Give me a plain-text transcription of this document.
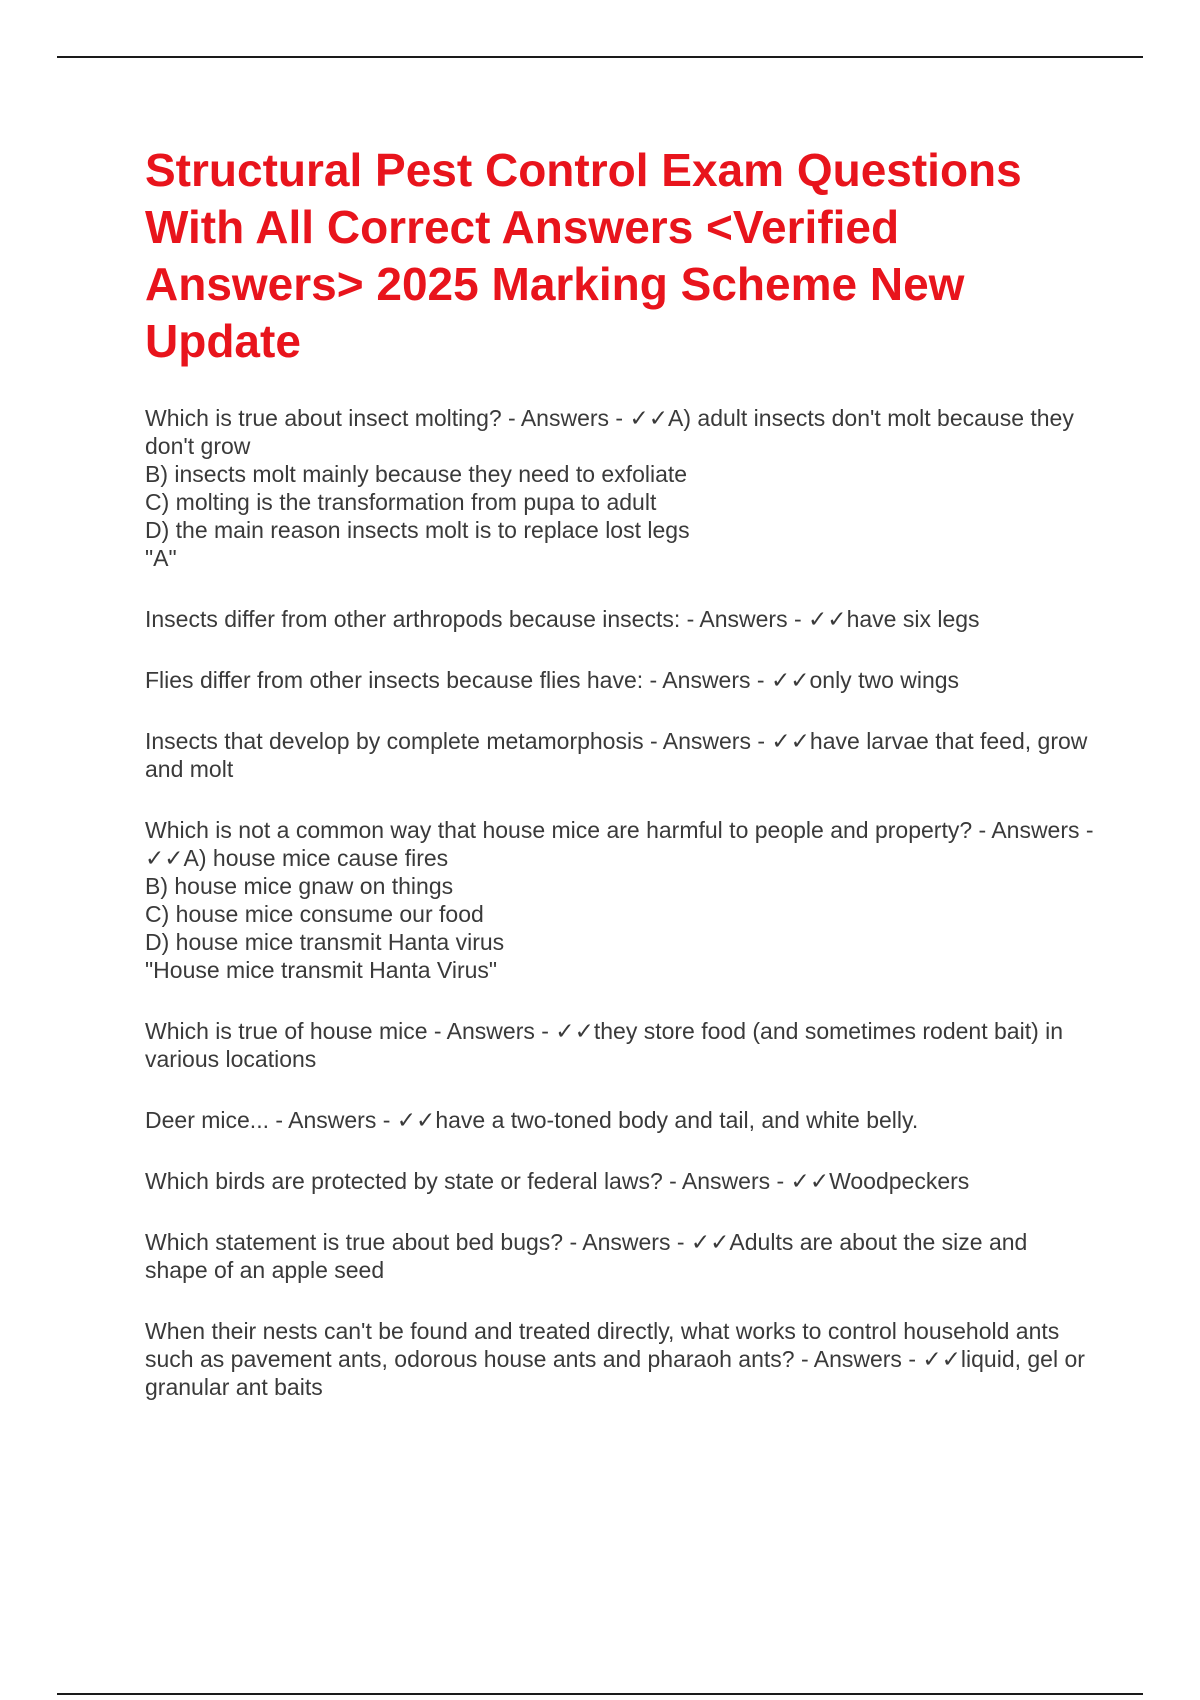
Structural Pest Control Exam Questions With All Correct Answers <Verified Answers> 2025 Marking Scheme New Update

Which is true about insect molting? - Answers - ✓✓A) adult insects don't molt because they don't grow
B) insects molt mainly because they need to exfoliate
C) molting is the transformation from pupa to adult
D) the main reason insects molt is to replace lost legs
"A"

Insects differ from other arthropods because insects: - Answers - ✓✓have six legs

Flies differ from other insects because flies have: - Answers - ✓✓only two wings

Insects that develop by complete metamorphosis - Answers - ✓✓have larvae that feed, grow and molt

Which is not a common way that house mice are harmful to people and property? - Answers - ✓✓A) house mice cause fires
B) house mice gnaw on things
C) house mice consume our food
D) house mice transmit Hanta virus
"House mice transmit Hanta Virus"

Which is true of house mice - Answers - ✓✓they store food (and sometimes rodent bait) in various locations

Deer mice... - Answers - ✓✓have a two-toned body and tail, and white belly.

Which birds are protected by state or federal laws? - Answers - ✓✓Woodpeckers

Which statement is true about bed bugs? - Answers - ✓✓Adults are about the size and shape of an apple seed

When their nests can't be found and treated directly, what works to control household ants such as pavement ants, odorous house ants and pharaoh ants? - Answers - ✓✓liquid, gel or granular ant baits
